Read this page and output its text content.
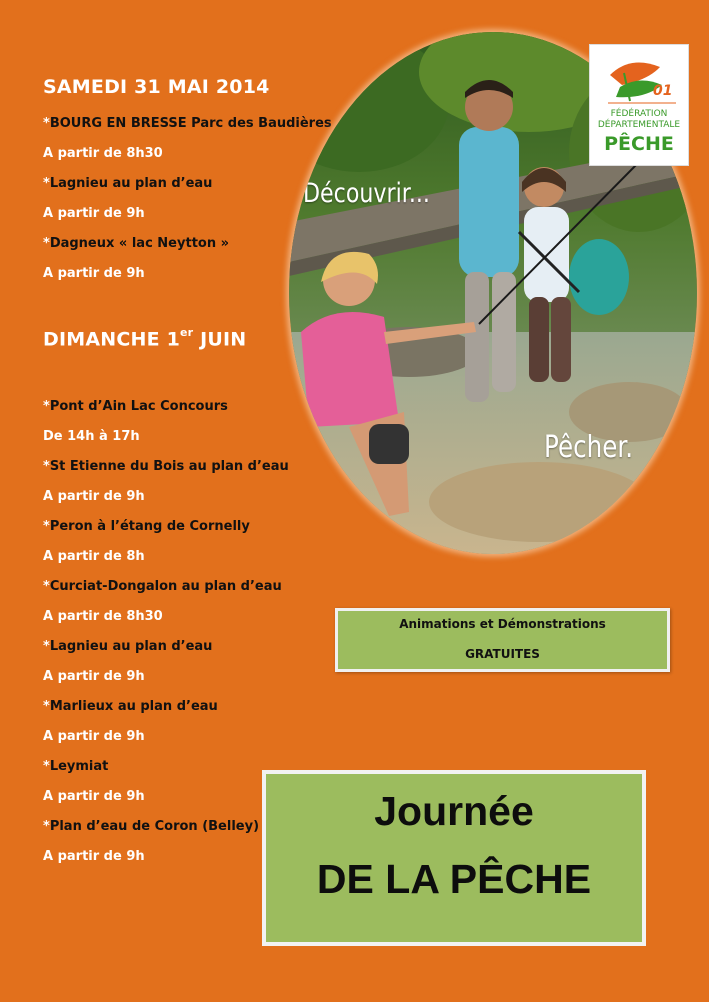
SAMEDI 31 MAI 2014
*BOURG EN BRESSE Parc des Baudières
A partir de 8h30
*Lagnieu au plan d’eau
A partir de 9h
*Dagneux « lac Neytton »
A partir de 9h
DIMANCHE 1er JUIN
*Pont d’Ain Lac Concours
De 14h à 17h
*St Etienne du Bois au plan d’eau
A partir de 9h
*Peron à l’étang de Cornelly
A partir de 8h
*Curciat-Dongalon au plan d’eau
A partir de 8h30
*Lagnieu au plan d’eau
A partir de 9h
*Marlieux au plan d’eau
A partir de 9h
*Leymiat
A partir de 9h
*Plan d’eau de Coron (Belley)
A partir de 9h
Découvrir...
Pêcher.
01
FÉDÉRATION
DÉPARTEMENTALE
PÊCHE
Animations et Démonstrations
GRATUITES
Journée
DE LA PÊCHE
